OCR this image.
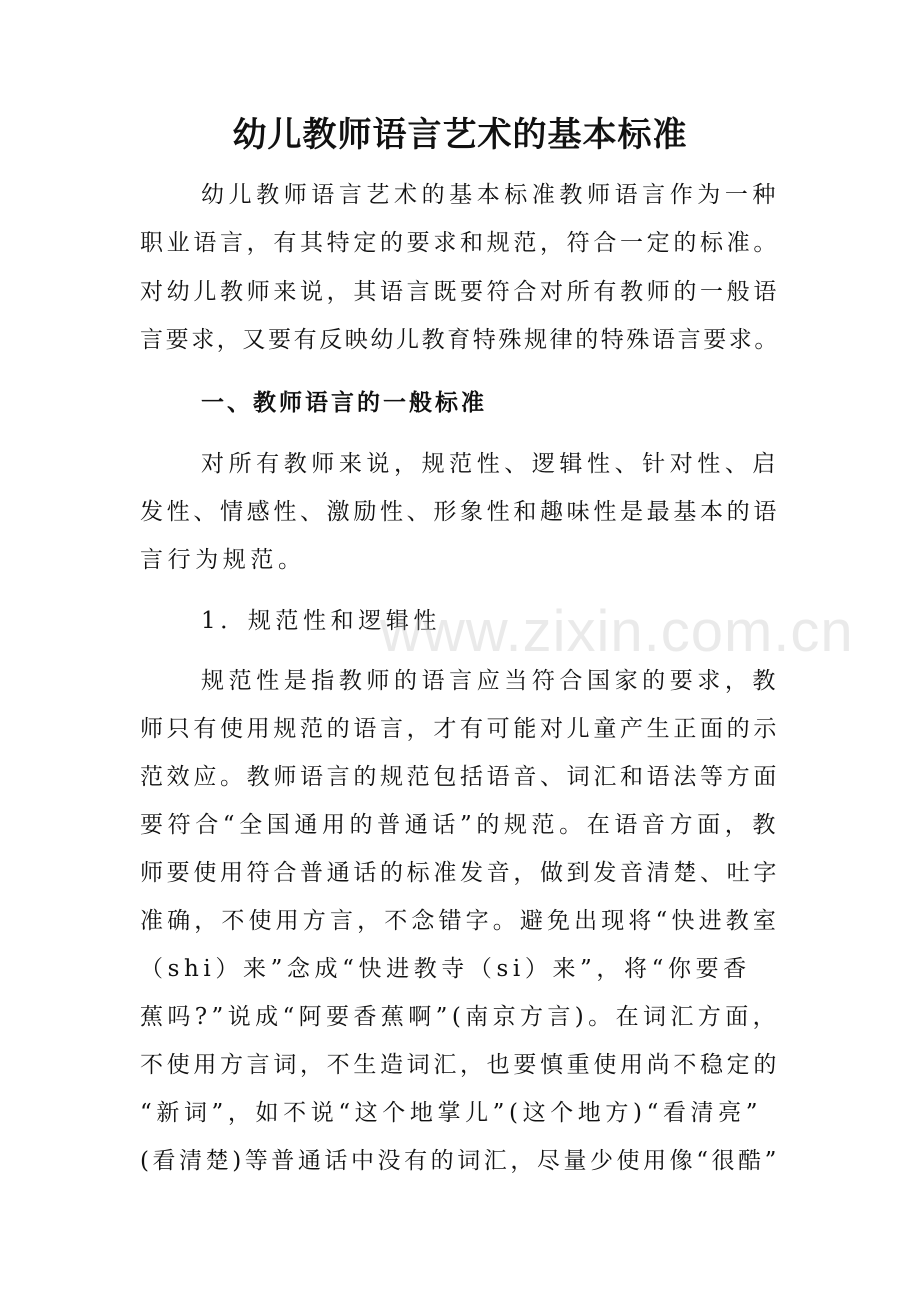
幼儿教师语言艺术的基本标准
幼儿教师语言艺术的基本标准教师语言作为一种
职业语言，有其特定的要求和规范，符合一定的标准。
对幼儿教师来说，其语言既要符合对所有教师的一般语
言要求，又要有反映幼儿教育特殊规律的特殊语言要求。
一、教师语言的一般标准
对所有教师来说，规范性、逻辑性、针对性、启
发性、情感性、激励性、形象性和趣味性是最基本的语
言行为规范。
1．规范性和逻辑性
规范性是指教师的语言应当符合国家的要求，教
师只有使用规范的语言，才有可能对儿童产生正面的示
范效应。教师语言的规范包括语音、词汇和语法等方面
要符合“全国通用的普通话”的规范。在语音方面，教
师要使用符合普通话的标准发音，做到发音清楚、吐字
准确，不使用方言，不念错字。避免出现将“快进教室
（shi）来”念成“快进教寺（si）来”，将“你要香
蕉吗?”说成“阿要香蕉啊”(南京方言)。在词汇方面，
不使用方言词，不生造词汇，也要慎重使用尚不稳定的
“新词”，如不说“这个地掌儿”(这个地方)“看清亮”
(看清楚)等普通话中没有的词汇，尽量少使用像“很酷”
www.zixin.com.cn
